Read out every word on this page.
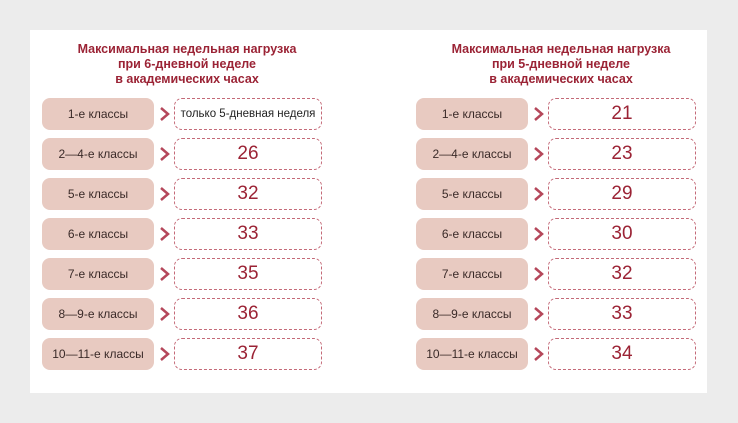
Максимальная недельная нагрузка
при 6-дневной неделе
в академических часах
1-е классы	только 5-дневная неделя
2—4-е классы	26
5-е классы	32
6-е классы	33
7-е классы	35
8—9-е классы	36
10—11-е классы	37
Максимальная недельная нагрузка
при 5-дневной неделе
в академических часах
1-е классы	21
2—4-е классы	23
5-е классы	29
6-е классы	30
7-е классы	32
8—9-е классы	33
10—11-е классы	34
